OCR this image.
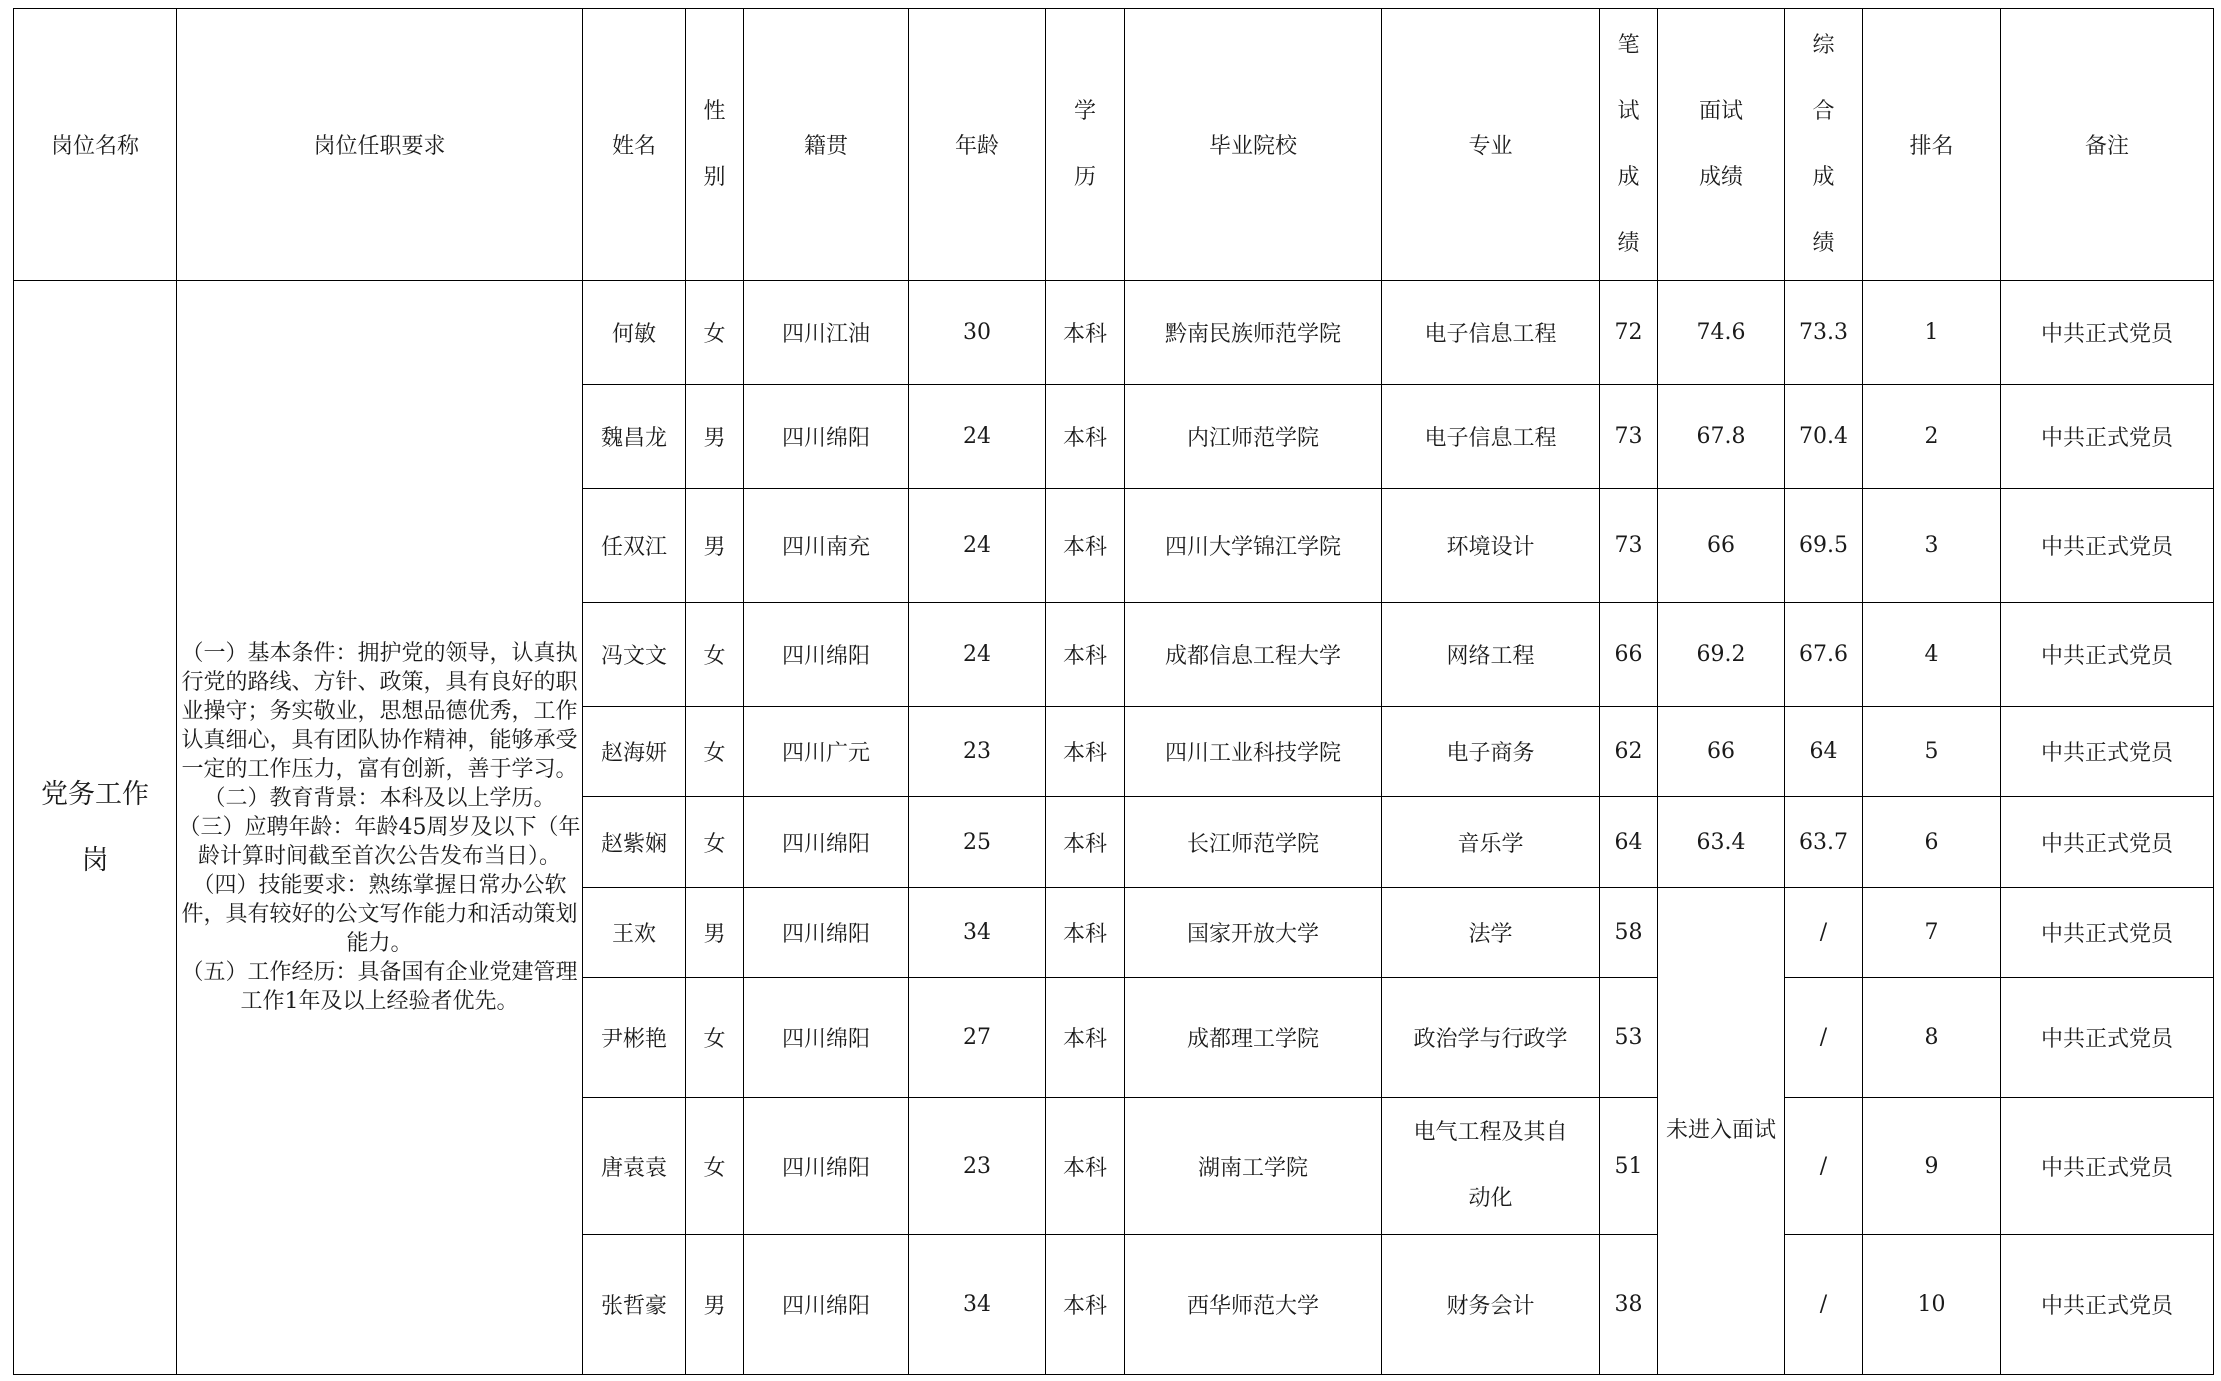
岗位名称	岗位任职要求	姓名	性别	籍贯	年龄	学历	毕业院校	专业	笔试成绩	面试成绩	综合成绩	排名	备注
党务工作岗	（一）基本条件：拥护党的领导，认真执行党的路线、方针、政策，具有良好的职业操守；务实敬业，思想品德优秀，工作认真细心，具有团队协作精神，能够承受一定的工作压力，富有创新，善于学习。
（二）教育背景：本科及以上学历。
（三）应聘年龄：年龄45周岁及以下（年龄计算时间截至首次公告发布当日）。
（四）技能要求：熟练掌握日常办公软件，具有较好的公文写作能力和活动策划能力。
（五）工作经历：具备国有企业党建管理工作1年及以上经验者优先。	何敏	女	四川江油	30	本科	黔南民族师范学院	电子信息工程	72	74.6	73.3	1	中共正式党员
		魏昌龙	男	四川绵阳	24	本科	内江师范学院	电子信息工程	73	67.8	70.4	2	中共正式党员
		任双江	男	四川南充	24	本科	四川大学锦江学院	环境设计	73	66	69.5	3	中共正式党员
		冯文文	女	四川绵阳	24	本科	成都信息工程大学	网络工程	66	69.2	67.6	4	中共正式党员
		赵海妍	女	四川广元	23	本科	四川工业科技学院	电子商务	62	66	64	5	中共正式党员
		赵紫娴	女	四川绵阳	25	本科	长江师范学院	音乐学	64	63.4	63.7	6	中共正式党员
		王欢	男	四川绵阳	34	本科	国家开放大学	法学	58	未进入面试	/	7	中共正式党员
		尹彬艳	女	四川绵阳	27	本科	成都理工学院	政治学与行政学	53		/	8	中共正式党员
		唐袁袁	女	四川绵阳	23	本科	湖南工学院	电气工程及其自动化	51		/	9	中共正式党员
		张哲豪	男	四川绵阳	34	本科	西华师范大学	财务会计	38		/	10	中共正式党员
